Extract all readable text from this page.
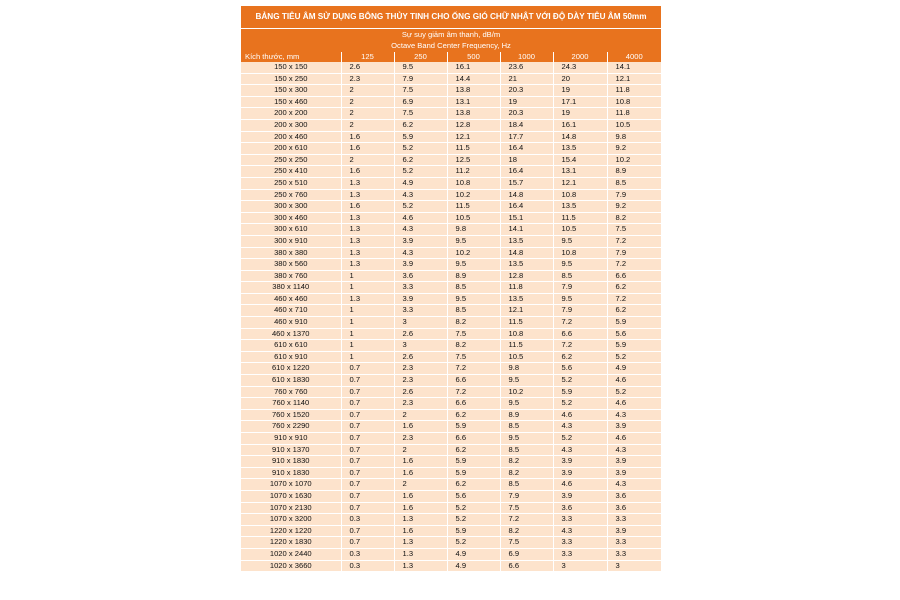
BẢNG TIÊU ÂM SỬ DỤNG BÔNG THỦY TINH CHO ỐNG GIÓ CHỮ NHẬT VỚI ĐỘ DÀY TIÊU ÂM 50mm
Sự suy giảm âm thanh, dB/m
Octave Band Center Frequency, Hz
Kích thước, mm	125	250	500	1000	2000	4000
150 x 150	2.6	9.5	16.1	23.6	24.3	14.1
150 x 250	2.3	7.9	14.4	21	20	12.1
150 x 300	2	7.5	13.8	20.3	19	11.8
150 x 460	2	6.9	13.1	19	17.1	10.8
200 x 200	2	7.5	13.8	20.3	19	11.8
200 x 300	2	6.2	12.8	18.4	16.1	10.5
200 x 460	1.6	5.9	12.1	17.7	14.8	9.8
200 x 610	1.6	5.2	11.5	16.4	13.5	9.2
250 x 250	2	6.2	12.5	18	15.4	10.2
250 x 410	1.6	5.2	11.2	16.4	13.1	8.9
250 x 510	1.3	4.9	10.8	15.7	12.1	8.5
250 x 760	1.3	4.3	10.2	14.8	10.8	7.9
300 x 300	1.6	5.2	11.5	16.4	13.5	9.2
300 x 460	1.3	4.6	10.5	15.1	11.5	8.2
300 x 610	1.3	4.3	9.8	14.1	10.5	7.5
300 x 910	1.3	3.9	9.5	13.5	9.5	7.2
380 x 380	1.3	4.3	10.2	14.8	10.8	7.9
380 x 560	1.3	3.9	9.5	13.5	9.5	7.2
380 x 760	1	3.6	8.9	12.8	8.5	6.6
380 x 1140	1	3.3	8.5	11.8	7.9	6.2
460 x 460	1.3	3.9	9.5	13.5	9.5	7.2
460 x 710	1	3.3	8.5	12.1	7.9	6.2
460 x 910	1	3	8.2	11.5	7.2	5.9
460 x 1370	1	2.6	7.5	10.8	6.6	5.6
610 x 610	1	3	8.2	11.5	7.2	5.9
610 x 910	1	2.6	7.5	10.5	6.2	5.2
610 x 1220	0.7	2.3	7.2	9.8	5.6	4.9
610 x 1830	0.7	2.3	6.6	9.5	5.2	4.6
760 x 760	0.7	2.6	7.2	10.2	5.9	5.2
760 x 1140	0.7	2.3	6.6	9.5	5.2	4.6
760 x 1520	0.7	2	6.2	8.9	4.6	4.3
760 x 2290	0.7	1.6	5.9	8.5	4.3	3.9
910 x 910	0.7	2.3	6.6	9.5	5.2	4.6
910 x 1370	0.7	2	6.2	8.5	4.3	4.3
910 x 1830	0.7	1.6	5.9	8.2	3.9	3.9
910 x 1830	0.7	1.6	5.9	8.2	3.9	3.9
1070 x 1070	0.7	2	6.2	8.5	4.6	4.3
1070 x 1630	0.7	1.6	5.6	7.9	3.9	3.6
1070 x 2130	0.7	1.6	5.2	7.5	3.6	3.6
1070 x 3200	0.3	1.3	5.2	7.2	3.3	3.3
1220 x 1220	0.7	1.6	5.9	8.2	4.3	3.9
1220 x 1830	0.7	1.3	5.2	7.5	3.3	3.3
1020 x 2440	0.3	1.3	4.9	6.9	3.3	3.3
1020 x 3660	0.3	1.3	4.9	6.6	3	3
